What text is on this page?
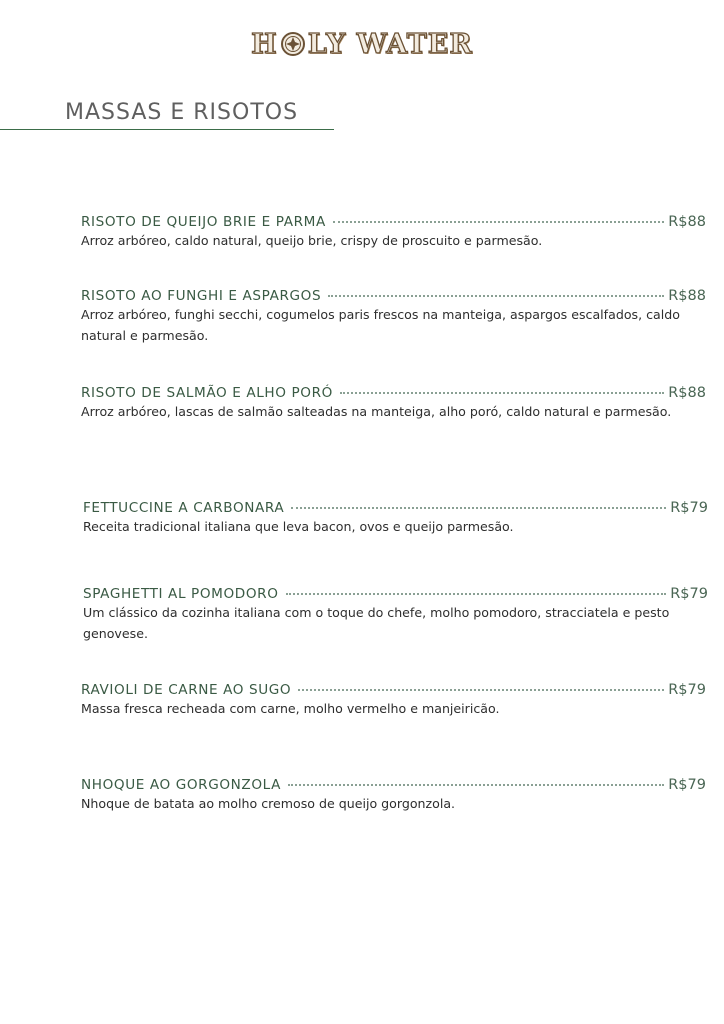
H LY WAT ER
MASSAS E RISOTOS
RISOTO DE QUEIJO BRIE E PARMA	R$88
Arroz arbóreo, caldo natural, queijo brie, crispy de proscuito e parmesão.
RISOTO AO FUNGHI E ASPARGOS	R$88
Arroz arbóreo, funghi secchi, cogumelos paris frescos na manteiga, aspargos escalfados, caldo natural e parmesão.
RISOTO DE SALMÃO E ALHO PORÓ	R$88
Arroz arbóreo, lascas de salmão salteadas na manteiga, alho poró, caldo natural e parmesão.
FETTUCCINE A CARBONARA	R$79
Receita tradicional italiana que leva bacon, ovos e queijo parmesão.
SPAGHETTI AL POMODORO	R$79
Um clássico da cozinha italiana com o toque do chefe, molho pomodoro, stracciatela e pesto genovese.
RAVIOLI DE CARNE AO SUGO	R$79
Massa fresca recheada com carne, molho vermelho e manjeiricão.
NHOQUE AO GORGONZOLA	R$79
Nhoque de batata ao molho cremoso de queijo gorgonzola.
